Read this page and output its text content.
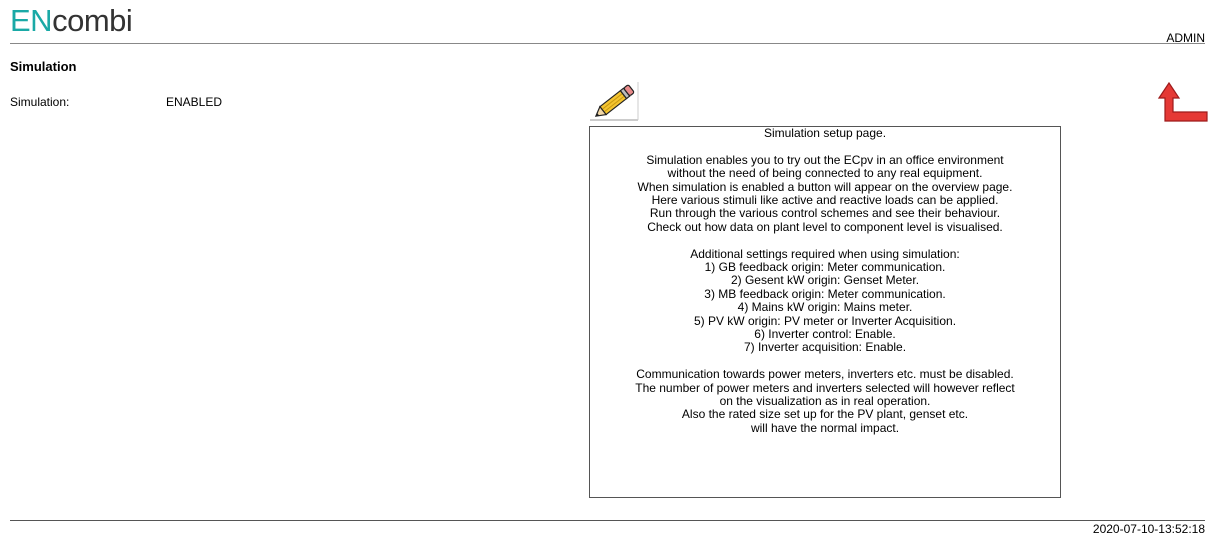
ENcombi	ADMIN
Simulation
Simulation:	ENABLED
Simulation setup page.
Simulation enables you to try out the ECpv in an office environment
without the need of being connected to any real equipment.
When simulation is enabled a button will appear on the overview page.
Here various stimuli like active and reactive loads can be applied.
Run through the various control schemes and see their behaviour.
Check out how data on plant level to component level is visualised.
Additional settings required when using simulation:
1) GB feedback origin: Meter communication.
2) Gesent kW origin: Genset Meter.
3) MB feedback origin: Meter communication.
4) Mains kW origin: Mains meter.
5) PV kW origin: PV meter or Inverter Acquisition.
6) Inverter control: Enable.
7) Inverter acquisition: Enable.
Communication towards power meters, inverters etc. must be disabled.
The number of power meters and inverters selected will however reflect
on the visualization as in real operation.
Also the rated size set up for the PV plant, genset etc.
will have the normal impact.
2020-07-10-13:52:18
